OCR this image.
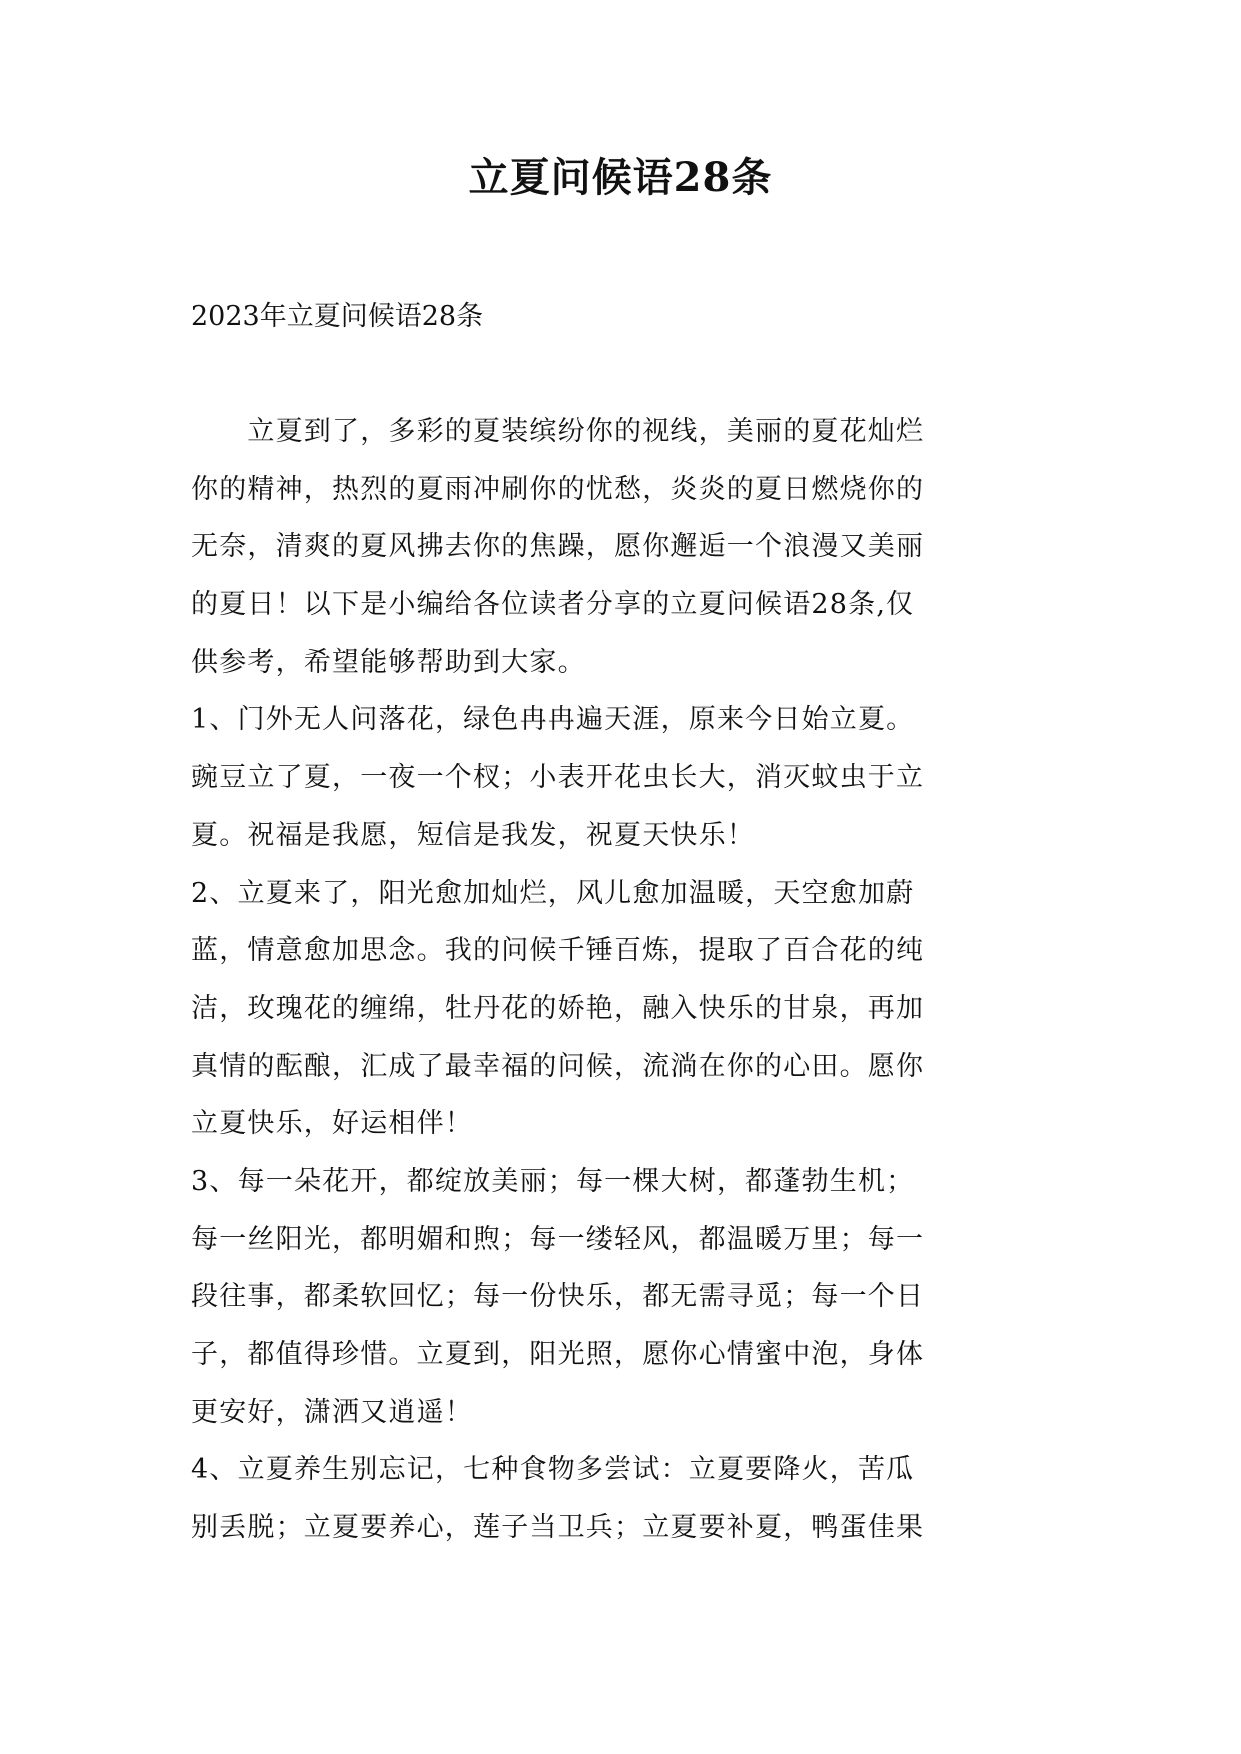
立夏问候语28条
2023年立夏问候语28条
　　立夏到了，多彩的夏装缤纷你的视线，美丽的夏花灿烂
你的精神，热烈的夏雨冲刷你的忧愁，炎炎的夏日燃烧你的
无奈，清爽的夏风拂去你的焦躁，愿你邂逅一个浪漫又美丽
的夏日！以下是小编给各位读者分享的立夏问候语28条,仅
供参考，希望能够帮助到大家。
1、门外无人问落花，绿色冉冉遍天涯，原来今日始立夏。
豌豆立了夏，一夜一个杈；小表开花虫长大，消灭蚊虫于立
夏。祝福是我愿，短信是我发，祝夏天快乐！
2、立夏来了，阳光愈加灿烂，风儿愈加温暖，天空愈加蔚
蓝，情意愈加思念。我的问候千锤百炼，提取了百合花的纯
洁，玫瑰花的缠绵，牡丹花的娇艳，融入快乐的甘泉，再加
真情的酝酿，汇成了最幸福的问候，流淌在你的心田。愿你
立夏快乐，好运相伴！
3、每一朵花开，都绽放美丽；每一棵大树，都蓬勃生机；
每一丝阳光，都明媚和煦；每一缕轻风，都温暖万里；每一
段往事，都柔软回忆；每一份快乐，都无需寻觅；每一个日
子，都值得珍惜。立夏到，阳光照，愿你心情蜜中泡，身体
更安好，潇洒又逍遥！
4、立夏养生别忘记，七种食物多尝试：立夏要降火，苦瓜
别丢脱；立夏要养心，莲子当卫兵；立夏要补夏，鸭蛋佳果
